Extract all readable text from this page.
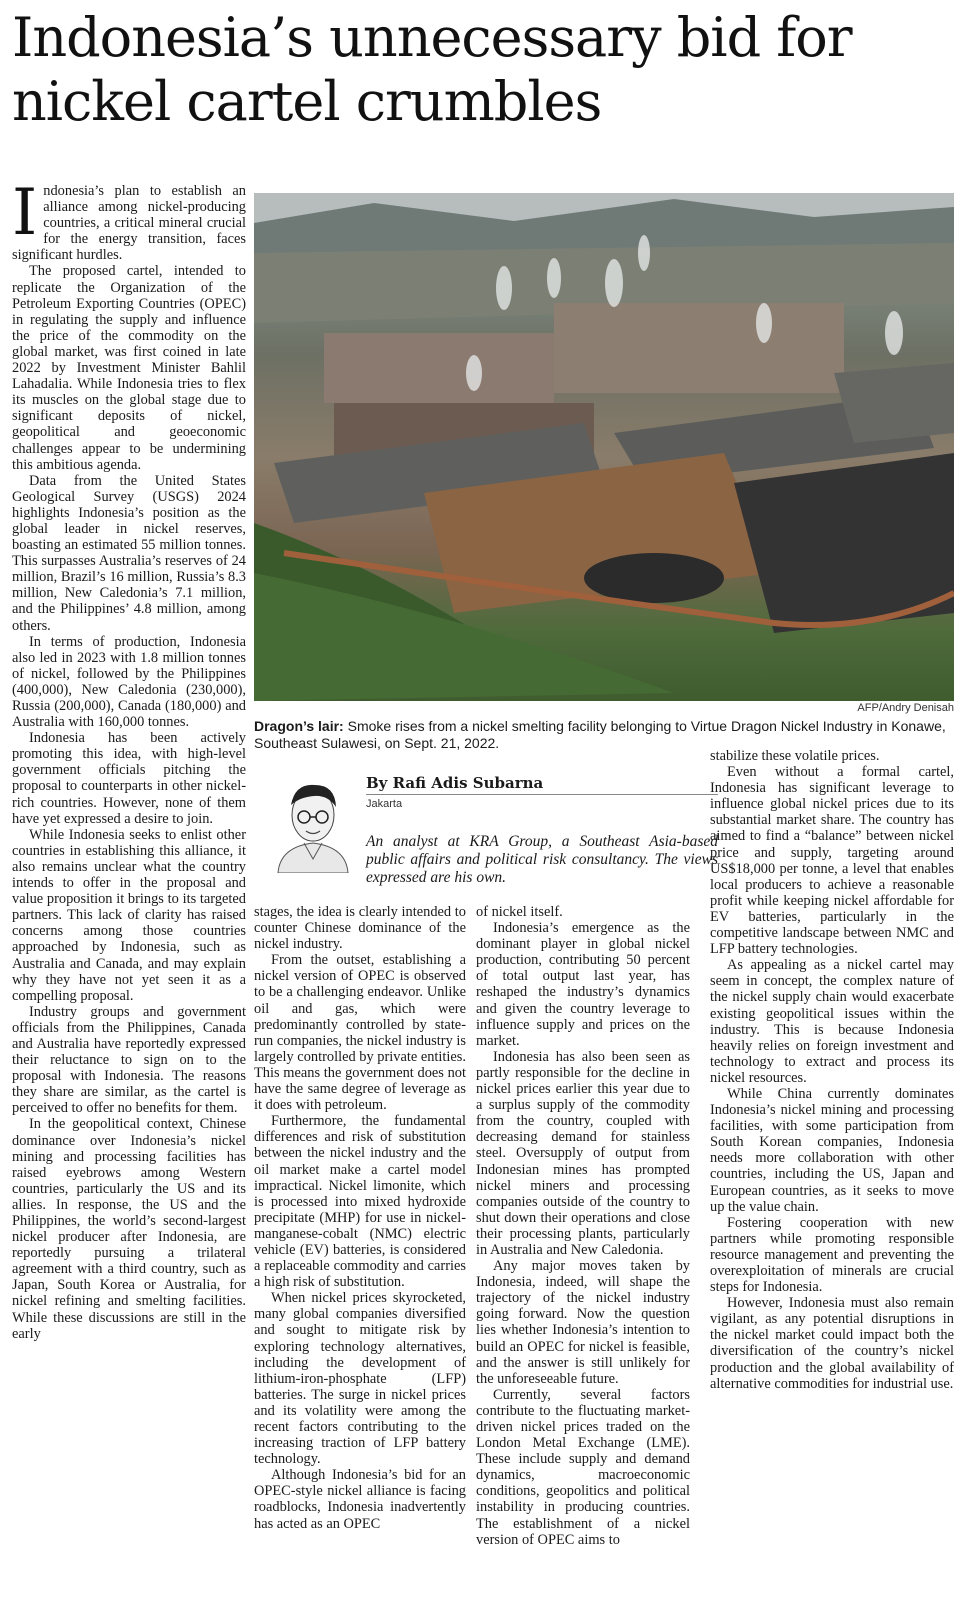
Indonesia’s unnecessary bid for nickel cartel crumbles

Indonesia’s plan to establish an alliance among nickel-producing countries, a critical mineral crucial for the energy transition, faces significant hurdles.

The proposed cartel, intended to replicate the Organization of the Petroleum Exporting Countries (OPEC) in regulating the supply and influence the price of the commodity on the global market, was first coined in late 2022 by Investment Minister Bahlil Lahadalia. While Indonesia tries to flex its muscles on the global stage due to significant deposits of nickel, geopolitical and geoeconomic challenges appear to be undermining this ambitious agenda.

Data from the United States Geological Survey (USGS) 2024 highlights Indonesia’s position as the global leader in nickel reserves, boasting an estimated 55 million tonnes. This surpasses Australia’s reserves of 24 million, Brazil’s 16 million, Russia’s 8.3 million, New Caledonia’s 7.1 million, and the Philippines’ 4.8 million, among others.

In terms of production, Indonesia also led in 2023 with 1.8 million tonnes of nickel, followed by the Philippines (400,000), New Caledonia (230,000), Russia (200,000), Canada (180,000) and Australia with 160,000 tonnes.

Indonesia has been actively promoting this idea, with high-level government officials pitching the proposal to counterparts in other nickel-rich countries. However, none of them have yet expressed a desire to join.

While Indonesia seeks to enlist other countries in establishing this alliance, it also remains unclear what the country intends to offer in the proposal and value proposition it brings to its targeted partners. This lack of clarity has raised concerns among those countries approached by Indonesia, such as Australia and Canada, and may explain why they have not yet seen it as a compelling proposal.

Industry groups and government officials from the Philippines, Canada and Australia have reportedly expressed their reluctance to sign on to the proposal with Indonesia. The reasons they share are similar, as the cartel is perceived to offer no benefits for them.

In the geopolitical context, Chinese dominance over Indonesia’s nickel mining and processing facilities has raised eyebrows among Western countries, particularly the US and its allies. In response, the US and the Philippines, the world’s second-largest nickel producer after Indonesia, are reportedly pursuing a trilateral agreement with a third country, such as Japan, South Korea or Australia, for nickel refining and smelting facilities. While these discussions are still in the early

AFP/Andry Denisah
Dragon’s lair: Smoke rises from a nickel smelting facility belonging to Virtue Dragon Nickel Industry in Konawe, Southeast Sulawesi, on Sept. 21, 2022.
By Rafi Adis Subarna
Jakarta
An analyst at KRA Group, a Southeast Asia-based public affairs and political risk consultancy. The views expressed are his own.

stages, the idea is clearly intended to counter Chinese dominance of the nickel industry.

From the outset, establishing a nickel version of OPEC is observed to be a challenging endeavor. Unlike oil and gas, which were predominantly controlled by state-run companies, the nickel industry is largely controlled by private entities. This means the government does not have the same degree of leverage as it does with petroleum.

Furthermore, the fundamental differences and risk of substitution between the nickel industry and the oil market make a cartel model impractical. Nickel limonite, which is processed into mixed hydroxide precipitate (MHP) for use in nickel-manganese-cobalt (NMC) electric vehicle (EV) batteries, is considered a replaceable commodity and carries a high risk of substitution.

When nickel prices skyrocketed, many global companies diversified and sought to mitigate risk by exploring technology alternatives, including the development of lithium-iron-phosphate (LFP) batteries. The surge in nickel prices and its volatility were among the recent factors contributing to the increasing traction of LFP battery technology.

Although Indonesia’s bid for an OPEC-style nickel alliance is facing roadblocks, Indonesia inadvertently has acted as an OPEC

of nickel itself.

Indonesia’s emergence as the dominant player in global nickel production, contributing 50 percent of total output last year, has reshaped the industry’s dynamics and given the country leverage to influence supply and prices on the market.

Indonesia has also been seen as partly responsible for the decline in nickel prices earlier this year due to a surplus supply of the commodity from the country, coupled with decreasing demand for stainless steel. Oversupply of output from Indonesian mines has prompted nickel miners and processing companies outside of the country to shut down their operations and close their processing plants, particularly in Australia and New Caledonia.

Any major moves taken by Indonesia, indeed, will shape the trajectory of the nickel industry going forward. Now the question lies whether Indonesia’s intention to build an OPEC for nickel is feasible, and the answer is still unlikely for the unforeseeable future.

Currently, several factors contribute to the fluctuating market-driven nickel prices traded on the London Metal Exchange (LME). These include supply and demand dynamics, macroeconomic conditions, geopolitics and political instability in producing countries. The establishment of a nickel version of OPEC aims to

stabilize these volatile prices.

Even without a formal cartel, Indonesia has significant leverage to influence global nickel prices due to its substantial market share. The country has aimed to find a “balance” between nickel price and supply, targeting around US$18,000 per tonne, a level that enables local producers to achieve a reasonable profit while keeping nickel affordable for EV batteries, particularly in the competitive landscape between NMC and LFP battery technologies.

As appealing as a nickel cartel may seem in concept, the complex nature of the nickel supply chain would exacerbate existing geopolitical issues within the industry. This is because Indonesia heavily relies on foreign investment and technology to extract and process its nickel resources.

While China currently dominates Indonesia’s nickel mining and processing facilities, with some participation from South Korean companies, Indonesia needs more collaboration with other countries, including the US, Japan and European countries, as it seeks to move up the value chain.

Fostering cooperation with new partners while promoting responsible resource management and preventing the overexploitation of minerals are crucial steps for Indonesia.

However, Indonesia must also remain vigilant, as any potential disruptions in the nickel market could impact both the diversification of the country’s nickel production and the global availability of alternative commodities for industrial use.
